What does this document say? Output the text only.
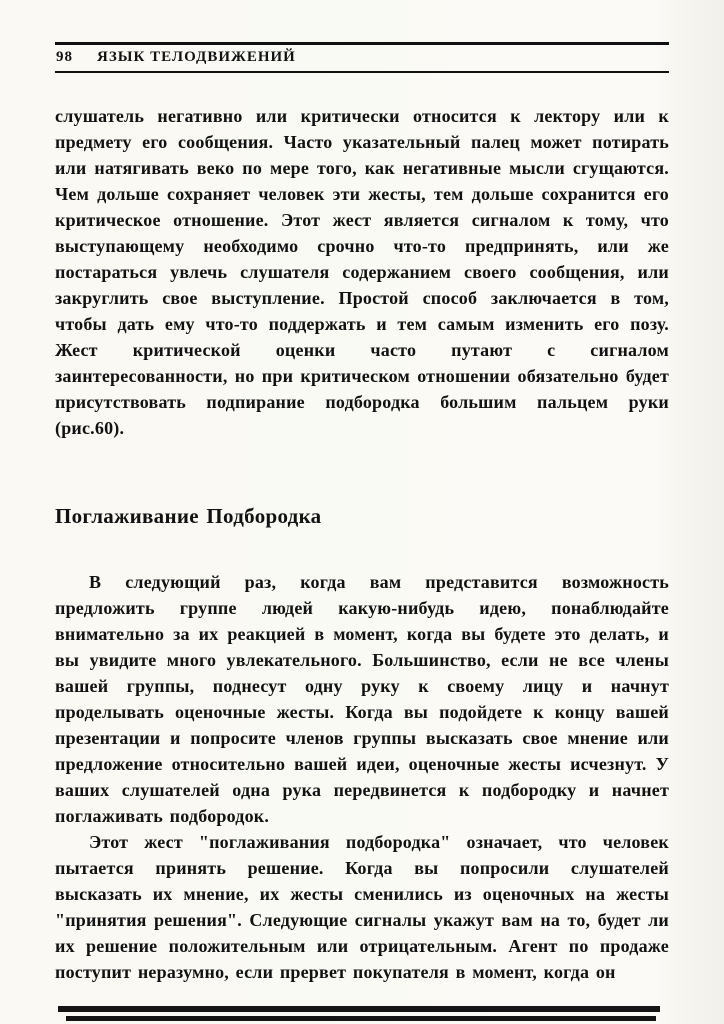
98 ЯЗЫК ТЕЛОДВИЖЕНИЙ

слушатель негативно или критически относится к лектору или к предмету его сообщения. Часто указательный палец может потирать или натягивать веко по мере того, как негативные мысли сгущаются. Чем дольше сохраняет человек эти жесты, тем дольше сохранится его критическое отношение. Этот жест является сигналом к тому, что выступающему необходимо срочно что-то предпринять, или же постараться увлечь слушателя содержанием своего сообщения, или закруглить свое выступление. Простой способ заключается в том, чтобы дать ему что-то поддержать и тем самым изменить его позу. Жест критической оценки часто путают с сигналом заинтересованности, но при критическом отношении обязательно будет присутствовать подпирание подбородка большим пальцем руки (рис.60).

Поглаживание Подбородка

В следующий раз, когда вам представится возможность предложить группе людей какую-нибудь идею, понаблюдайте внимательно за их реакцией в момент, когда вы будете это делать, и вы увидите много увлекательного. Большинство, если не все члены вашей группы, поднесут одну руку к своему лицу и начнут проделывать оценочные жесты. Когда вы подойдете к концу вашей презентации и попросите членов группы высказать свое мнение или предложение относительно вашей идеи, оценочные жесты исчезнут. У ваших слушателей одна рука передвинется к подбородку и начнет поглаживать подбородок.

Этот жест "поглаживания подбородка" означает, что человек пытается принять решение. Когда вы попросили слушателей высказать их мнение, их жесты сменились из оценочных на жесты "принятия решения". Следующие сигналы укажут вам на то, будет ли их решение положительным или отрицательным. Агент по продаже поступит неразумно, если прервет покупателя в момент, когда он
